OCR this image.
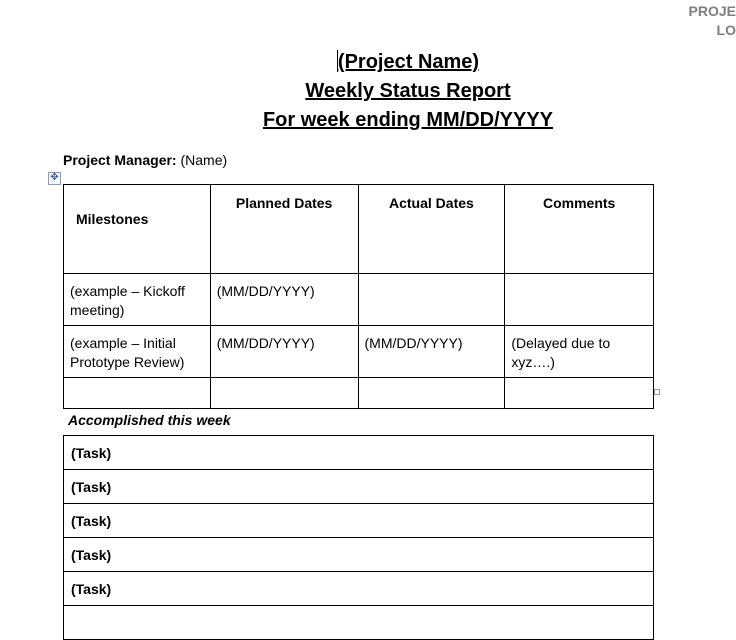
PROJE
LO
(Project Name)
Weekly Status Report
For week ending MM/DD/YYYY
Project Manager: (Name)
✥
Milestones	Planned Dates	Actual Dates	Comments
(example – Kickoff meeting)	(MM/DD/YYYY)		
(example – Initial Prototype Review)	(MM/DD/YYYY)	(MM/DD/YYYY)	(Delayed due to xyz….)

Accomplished this week
(Task)
(Task)
(Task)
(Task)
(Task)
